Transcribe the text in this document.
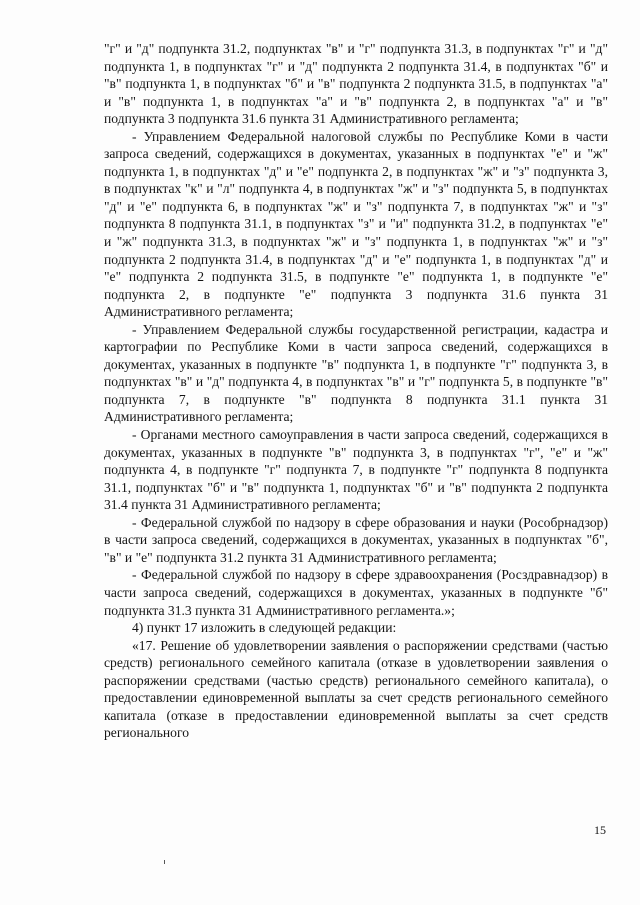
"г" и "д" подпункта 31.2, подпунктах "в" и "г" подпункта 31.3, в подпунктах "г" и "д" подпункта 1, в подпунктах "г" и "д" подпункта 2 подпункта 31.4, в подпунктах "б" и "в" подпункта 1, в подпунктах "б" и "в" подпункта 2 подпункта 31.5, в подпунктах "а" и "в" подпункта 1, в подпунктах "а" и "в" подпункта 2, в подпунктах "а" и "в" подпункта 3 подпункта 31.6 пункта 31 Административного регламента;

- Управлением Федеральной налоговой службы по Республике Коми в части запроса сведений, содержащихся в документах, указанных в подпунктах "е" и "ж" подпункта 1, в подпунктах "д" и "е" подпункта 2, в подпунктах "ж" и "з" подпункта 3, в подпунктах "к" и "л" подпункта 4, в подпунктах "ж" и "з" подпункта 5, в подпунктах "д" и "е" подпункта 6, в подпунктах "ж" и "з" подпункта 7, в подпунктах "ж" и "з" подпункта 8 подпункта 31.1, в подпунктах "з" и "и" подпункта 31.2, в подпунктах "е" и "ж" подпункта 31.3, в подпунктах "ж" и "з" подпункта 1, в подпунктах "ж" и "з" подпункта 2 подпункта 31.4, в подпунктах "д" и "е" подпункта 1, в подпунктах "д" и "е" подпункта 2 подпункта 31.5, в подпункте "е" подпункта 1, в подпункте "е" подпункта 2, в подпункте "е" подпункта 3 подпункта 31.6 пункта 31 Административного регламента;

- Управлением Федеральной службы государственной регистрации, кадастра и картографии по Республике Коми в части запроса сведений, содержащихся в документах, указанных в подпункте "в" подпункта 1, в подпункте "г" подпункта 3, в подпунктах "в" и "д" подпункта 4, в подпунктах "в" и "г" подпункта 5, в подпункте "в" подпункта 7, в подпункте "в" подпункта 8 подпункта 31.1 пункта 31 Административного регламента;

- Органами местного самоуправления в части запроса сведений, содержащихся в документах, указанных в подпункте "в" подпункта 3, в подпунктах "г", "е" и "ж" подпункта 4, в подпункте "г" подпункта 7, в подпункте "г" подпункта 8 подпункта 31.1, подпунктах "б" и "в" подпункта 1, подпунктах "б" и "в" подпункта 2 подпункта 31.4 пункта 31 Административного регламента;

- Федеральной службой по надзору в сфере образования и науки (Рособрнадзор) в части запроса сведений, содержащихся в документах, указанных в подпунктах "б", "в" и "е" подпункта 31.2 пункта 31 Административного регламента;

- Федеральной службой по надзору в сфере здравоохранения (Росздравнадзор) в части запроса сведений, содержащихся в документах, указанных в подпункте "б" подпункта 31.3 пункта 31 Административного регламента.»;

4) пункт 17 изложить в следующей редакции:

«17. Решение об удовлетворении заявления о распоряжении средствами (частью средств) регионального семейного капитала (отказе в удовлетворении заявления о распоряжении средствами (частью средств) регионального семейного капитала), о предоставлении единовременной выплаты за счет средств регионального семейного капитала (отказе в предоставлении единовременной выплаты за счет средств регионального

15
